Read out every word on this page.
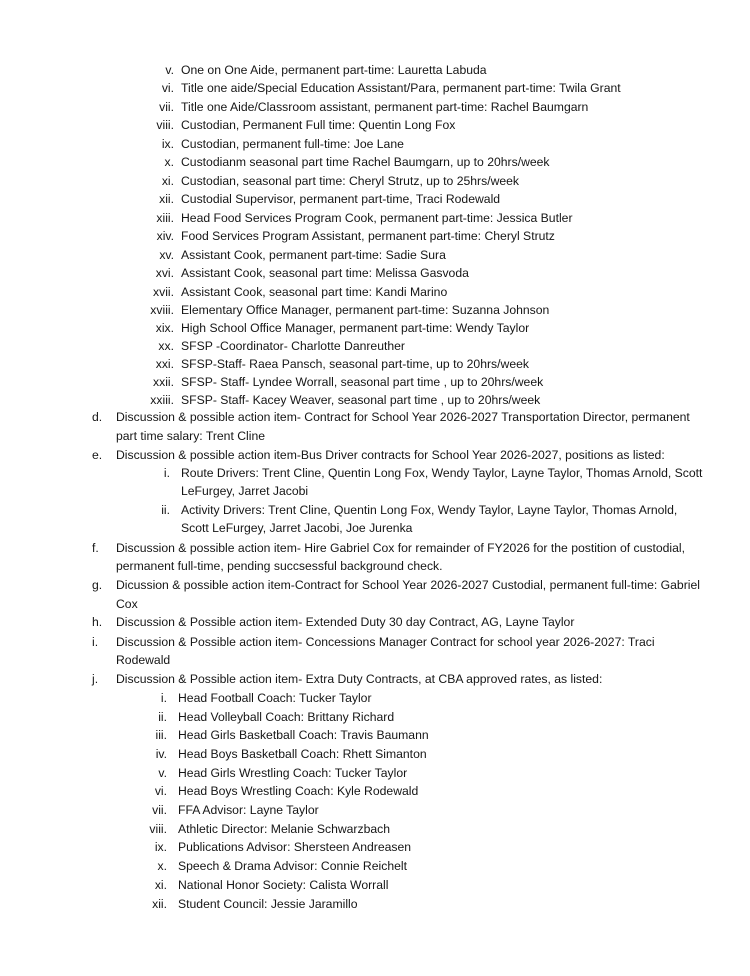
v. One on One Aide, permanent part-time: Lauretta Labuda
vi. Title one aide/Special Education Assistant/Para, permanent part-time: Twila Grant
vii. Title one Aide/Classroom assistant, permanent part-time: Rachel Baumgarn
viii. Custodian, Permanent Full time: Quentin Long Fox
ix. Custodian, permanent full-time: Joe Lane
x. Custodianm seasonal part time Rachel Baumgarn, up to 20hrs/week
xi. Custodian, seasonal part time: Cheryl Strutz, up to 25hrs/week
xii. Custodial Supervisor, permanent part-time, Traci Rodewald
xiii. Head Food Services Program Cook, permanent part-time: Jessica Butler
xiv. Food Services Program Assistant, permanent part-time: Cheryl Strutz
xv. Assistant Cook, permanent part-time: Sadie Sura
xvi. Assistant Cook, seasonal part time: Melissa Gasvoda
xvii. Assistant Cook, seasonal part time: Kandi Marino
xviii. Elementary Office Manager, permanent part-time: Suzanna Johnson
xix. High School Office Manager, permanent part-time: Wendy Taylor
xx. SFSP -Coordinator- Charlotte Danreuther
xxi. SFSP-Staff- Raea Pansch, seasonal part-time, up to 20hrs/week
xxii. SFSP- Staff- Lyndee Worrall, seasonal part time , up to 20hrs/week
xxiii.SFSP- Staff- Kacey Weaver, seasonal part time , up to 20hrs/week
d. Discussion & possible action item- Contract for School Year 2026-2027 Transportation Director, permanent
part time salary: Trent Cline
e. Discussion & possible action item-Bus Driver contracts for School Year 2026-2027, positions as listed:
i. Route Drivers: Trent Cline, Quentin Long Fox, Wendy Taylor, Layne Taylor, Thomas Arnold, Scott
LeFurgey, Jarret Jacobi
ii. Activity Drivers: Trent Cline, Quentin Long Fox, Wendy Taylor, Layne Taylor, Thomas Arnold,
Scott LeFurgey, Jarret Jacobi, Joe Jurenka
f. Discussion & possible action item- Hire Gabriel Cox for remainder of FY2026 for the postition of custodial,
permanent full-time, pending succsessful background check.
g. Dicussion & possible action item-Contract for School Year 2026-2027 Custodial, permanent full-time: Gabriel
Cox
h. Discussion & Possible action item- Extended Duty 30 day Contract, AG, Layne Taylor
i. Discussion & Possible action item- Concessions Manager Contract for school year 2026-2027: Traci
Rodewald
j. Discussion & Possible action item- Extra Duty Contracts, at CBA approved rates, as listed:
i. Head Football Coach: Tucker Taylor
ii. Head Volleyball Coach: Brittany Richard
iii. Head Girls Basketball Coach: Travis Baumann
iv. Head Boys Basketball Coach: Rhett Simanton
v. Head Girls Wrestling Coach: Tucker Taylor
vi. Head Boys Wrestling Coach: Kyle Rodewald
vii. FFA Advisor: Layne Taylor
viii. Athletic Director: Melanie Schwarzbach
ix. Publications Advisor: Shersteen Andreasen
x. Speech & Drama Advisor: Connie Reichelt
xi. National Honor Society: Calista Worrall
xii. Student Council: Jessie Jaramillo
